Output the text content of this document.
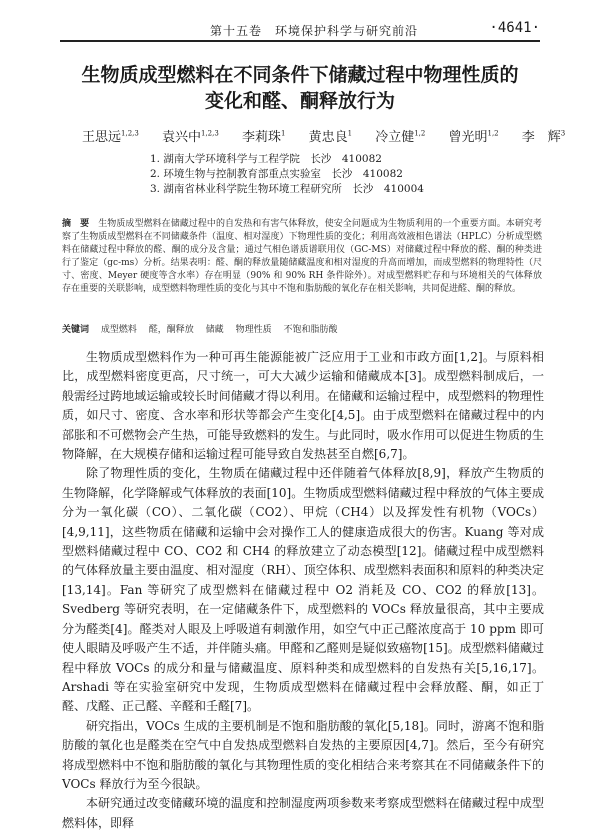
第十五卷　环境保护科学与研究前沿	·4641·
生物质成型燃料在不同条件下储藏过程中物理性质的
变化和醛、酮释放行为
王思远$^{1,2,3}$ 袁兴中$^{1,2,3}$ 李莉珠$^1$ 黄忠良$^1$ 冷立健$^{1,2}$ 曾光明$^{1,2}$ 李　辉$^3$
1. 湖南大学环境科学与工程学院　长沙　410082
2. 环境生物与控制教育部重点实验室　长沙　410082
3. 湖南省林业科学院生物环境工程研究所　长沙　410004
摘　要　 生物质成型燃料在储藏过程中的自发热和有害气体释放，使安全问题成为生物质利用的一个重要方面。本研究考察了生物质成型燃料在不同储藏条件（温度、相对湿度）下物理性质的变化；利用高效液相色谱法（HPLC）分析成型燃料在储藏过程中释放的醛、酮的成分及含量；通过气相色谱质谱联用仪（GC-MS）对储藏过程中释放的醛、酮的种类进行了鉴定（gc-ms）分析。结果表明：醛、酮的释放量随储藏温度和相对湿度的升高而增加，而成型燃料的物理特性（尺寸、密度、Meyer 硬度等含水率）存在明显（90% 和 90% RH 条件除外）。对成型燃料贮存和与环境相关的气体释放存在重要的关联影响，成型燃料物理性质的变化与其中不饱和脂肪酸的氧化存在相关影响，共同促进醛、酮的释放。
关键词　 成型燃料　 醛，酮释放　 储藏　 物理性质　 不饱和脂肪酸

生物质成型燃料作为一种可再生能源能被广泛应用于工业和市政方面[1,2]。与原料相比，成型燃料密度更高，尺寸统一，可大大减少运输和储藏成本[3]。成型燃料制成后，一般需经过跨地域运输或较长时间储藏才得以利用。在储藏和运输过程中，成型燃料的物理性质，如尺寸、密度、含水率和形状等都会产生变化[4,5]。由于成型燃料在储藏过程中的内部胀和不可燃物会产生热，可能导致燃料的发生。与此同时，吸水作用可以促进生物质的生物降解，在大规模存储和运输过程可能导致自发热甚至自燃[6,7]。

除了物理性质的变化，生物质在储藏过程中还伴随着气体释放[8,9]，释放产生物质的生物降解，化学降解或气体释放的表面[10]。生物质成型燃料储藏过程中释放的气体主要成分为一氧化碳（CO）、二氧化碳（CO2）、甲烷（CH4）以及挥发性有机物（VOCs）[4,9,11]，这些物质在储藏和运输中会对操作工人的健康造成很大的伤害。Kuang 等对成型燃料储藏过程中 CO、CO2 和 CH4 的释放建立了动态模型[12]。储藏过程中成型燃料的气体释放量主要由温度、相对湿度（RH）、顶空体积、成型燃料表面积和原料的种类决定[13,14]。Fan 等研究了成型燃料在储藏过程中 O2 消耗及 CO、CO2 的释放[13]。Svedberg 等研究表明，在一定储藏条件下，成型燃料的 VOCs 释放量很高，其中主要成分为醛类[4]。醛类对人眼及上呼吸道有刺激作用，如空气中正己醛浓度高于 10 ppm 即可使人眼睛及呼吸产生不适，并伴随头痛。甲醛和乙醛则是疑似致癌物[15]。成型燃料储藏过程中释放 VOCs 的成分和量与储藏温度、原料种类和成型燃料的自发热有关[5,16,17]。Arshadi 等在实验室研究中发现，生物质成型燃料在储藏过程中会释放醛、酮，如正丁醛、戊醛、正己醛、辛醛和壬醛[7]。

研究指出，VOCs 生成的主要机制是不饱和脂肪酸的氧化[5,18]。同时，游离不饱和脂肪酸的氧化也是醛类在空气中自发热成型燃料自发热的主要原因[4,7]。然后，至今有研究将成型燃料中不饱和脂肪酸的氧化与其物理性质的变化相结合来考察其在不同储藏条件下的 VOCs 释放行为至今很缺。

本研究通过改变储藏环境的温度和控制湿度两项参数来考察成型燃料在储藏过程中成型燃料体，即释
